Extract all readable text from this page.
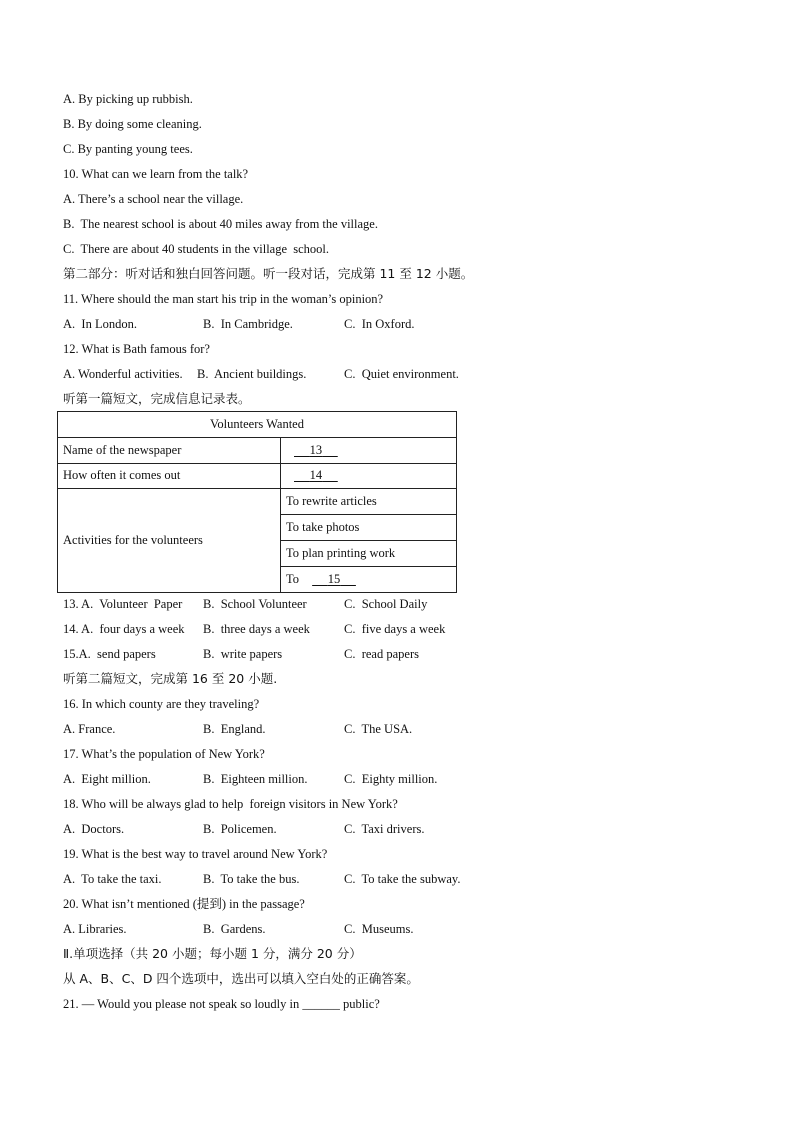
A. By picking up rubbish.
B. By doing some cleaning.
C. By panting young tees.
10. What can we learn from the talk?
A. There’s a school near the village.
B.  The nearest school is about 40 miles away from the village.
C.  There are about 40 students in the village  school.
第二部分：听对话和独白回答问题。听一段对话，完成第 11 至 12 小题。
11. Where should the man start his trip in the woman’s opinion?
A.  In London.	B.  In Cambridge.	C.  In Oxford.
12. What is Bath famous for?
A. Wonderful activities. B.  Ancient buildings.	C.  Quiet environment.
听第一篇短文，完成信息记录表。
Volunteers Wanted	
Name of the newspaper	13
How often it comes out	14
Activities for the volunteers	To rewrite articles
	To take photos
	To plan printing work
	To 15
13. A.  Volunteer  Paper B.  School Volunteer	C.  School Daily
14. A.  four days a week B.  three days a week	C.  five days a week
15.A.  send papers	B.  write papers	C.  read papers
听第二篇短文，完成第 16 至 20 小题.
16. In which county are they traveling?
A. France.	B.  England.	C.  The USA.
17. What’s the population of New York?
A.  Eight million.	B.  Eighteen million.	C.  Eighty million.
18. Who will be always glad to help  foreign visitors in New York?
A.  Doctors.	B.  Policemen.	C.  Taxi drivers.
19. What is the best way to travel around New York?
A.  To take the taxi.	B.  To take the bus.	C.  To take the subway.
20. What isn’t mentioned (提到) in the passage?
A. Libraries.	B.  Gardens.	C.  Museums.
Ⅱ.单项选择（共 20 小题；每小题 1 分，满分 20 分）
从 A、B、C、D 四个选项中，选出可以填入空白处的正确答案。
21. — Would you please not speak so loudly in ______ public?
